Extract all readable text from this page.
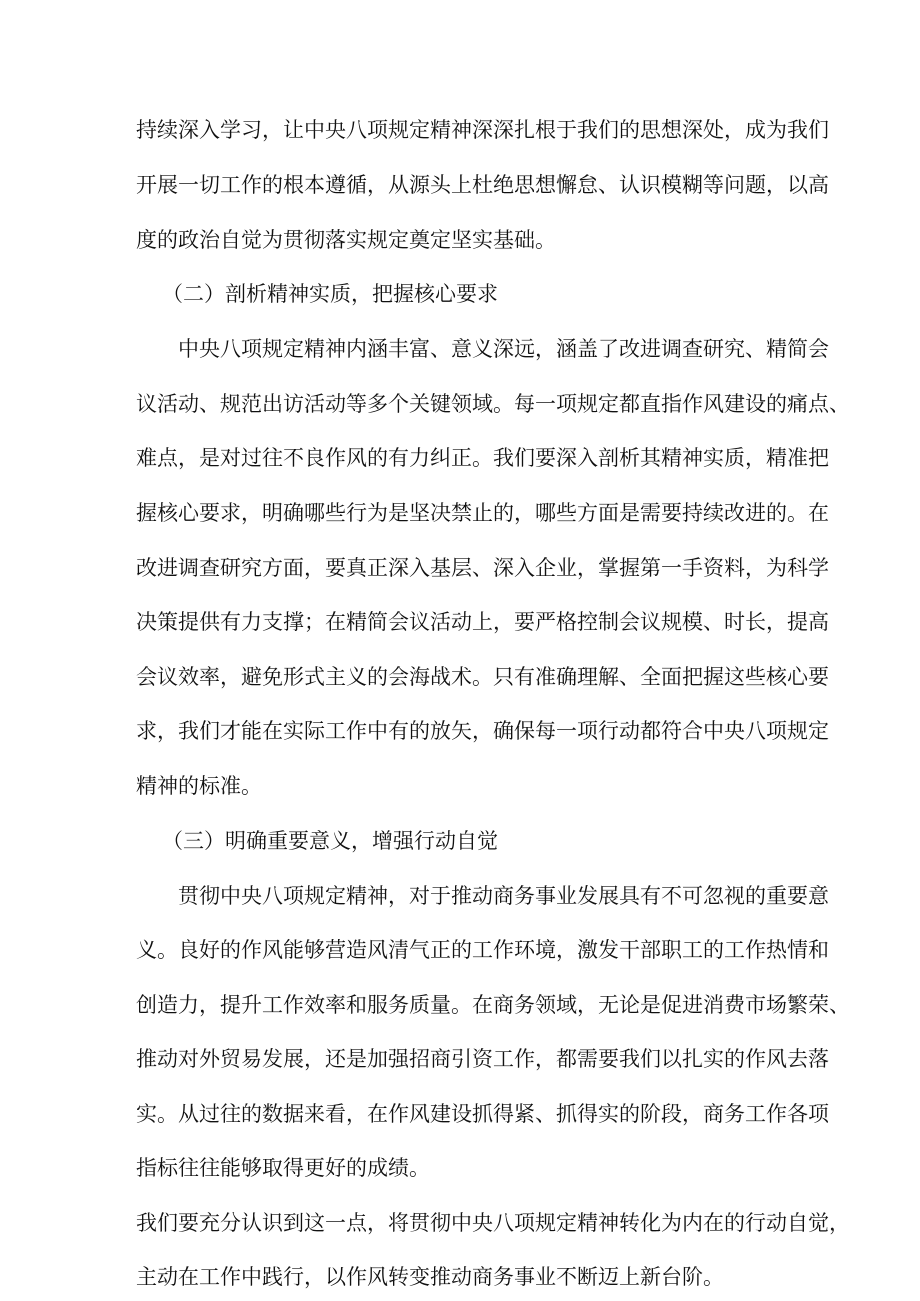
持续深入学习，让中央八项规定精神深深扎根于我们的思想深处，成为我们
开展一切工作的根本遵循，从源头上杜绝思想懈怠、认识模糊等问题，以高
度的政治自觉为贯彻落实规定奠定坚实基础。
（二）剖析精神实质，把握核心要求
中央八项规定精神内涵丰富、意义深远，涵盖了改进调查研究、精简会
议活动、规范出访活动等多个关键领域。每一项规定都直指作风建设的痛点、
难点，是对过往不良作风的有力纠正。我们要深入剖析其精神实质，精准把
握核心要求，明确哪些行为是坚决禁止的，哪些方面是需要持续改进的。在
改进调查研究方面，要真正深入基层、深入企业，掌握第一手资料，为科学
决策提供有力支撑；在精简会议活动上，要严格控制会议规模、时长，提高
会议效率，避免形式主义的会海战术。只有准确理解、全面把握这些核心要
求，我们才能在实际工作中有的放矢，确保每一项行动都符合中央八项规定
精神的标准。
（三）明确重要意义，增强行动自觉
贯彻中央八项规定精神，对于推动商务事业发展具有不可忽视的重要意
义。良好的作风能够营造风清气正的工作环境，激发干部职工的工作热情和
创造力，提升工作效率和服务质量。在商务领域，无论是促进消费市场繁荣、
推动对外贸易发展，还是加强招商引资工作，都需要我们以扎实的作风去落
实。从过往的数据来看，在作风建设抓得紧、抓得实的阶段，商务工作各项
指标往往能够取得更好的成绩。
我们要充分认识到这一点，将贯彻中央八项规定精神转化为内在的行动自觉，
主动在工作中践行，以作风转变推动商务事业不断迈上新台阶。
